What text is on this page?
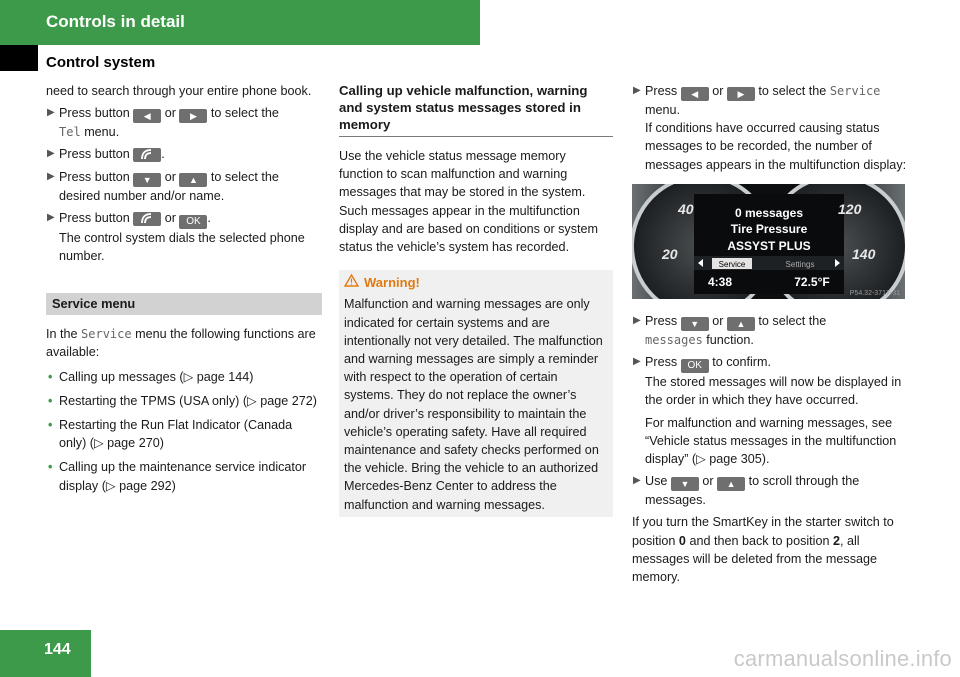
Controls in detail
Control system

need to search through your entire phone book.

▶ Press button ◀ or ▶ to select the
Tel menu.
▶ Press button	.
▶ Press button ▼ or ▲ to select the desired number and/or name.
▶ Press button	or OK .
The control system dials the selected phone number.
Service menu

In the Service menu the following functions are available:

• Calling up messages (▷ page 144)
• Restarting the TPMS (USA only) (▷ page 272)
• Restarting the Run Flat Indicator (Canada only) (▷ page 270)
• Calling up the maintenance service indicator display (▷ page 292)
Calling up vehicle malfunction, warning and system status messages stored in memory

Use the vehicle status message memory function to scan malfunction and warning messages that may be stored in the system. Such messages appear in the multifunction display and are based on conditions or system status the vehicle’s system has recorded.

Warning!

Malfunction and warning messages are only indicated for certain systems and are intentionally not very detailed. The malfunction and warning messages are simply a reminder with respect to the operation of certain systems. They do not replace the owner’s and/or driver’s responsibility to maintain the vehicle’s operating safety. Have all required maintenance and safety checks performed on the vehicle. Bring the vehicle to an authorized Mercedes-Benz Center to address the malfunction and warning messages.

▶ Press ◀ or ▶ to select the Service
menu.
If conditions have occurred causing status messages to be recorded, the number of messages appears in the multifunction display:
40
20
120
140
0 messages
Tire Pressure
ASSYST PLUS
Service	Settings
4:38	72.5°F
P54.32-3717-31
▶ Press ▼ or ▲ to select the
messages function.
▶ Press OK to confirm.
The stored messages will now be displayed in the order in which they have occurred.
For malfunction and warning messages, see “Vehicle status messages in the multifunction display” (▷ page 305).
▶ Use ▼ or ▲ to scroll through the messages.

If you turn the SmartKey in the starter switch to position 0 and then back to position 2, all messages will be deleted from the message memory.

144	carmanualsonline.info
